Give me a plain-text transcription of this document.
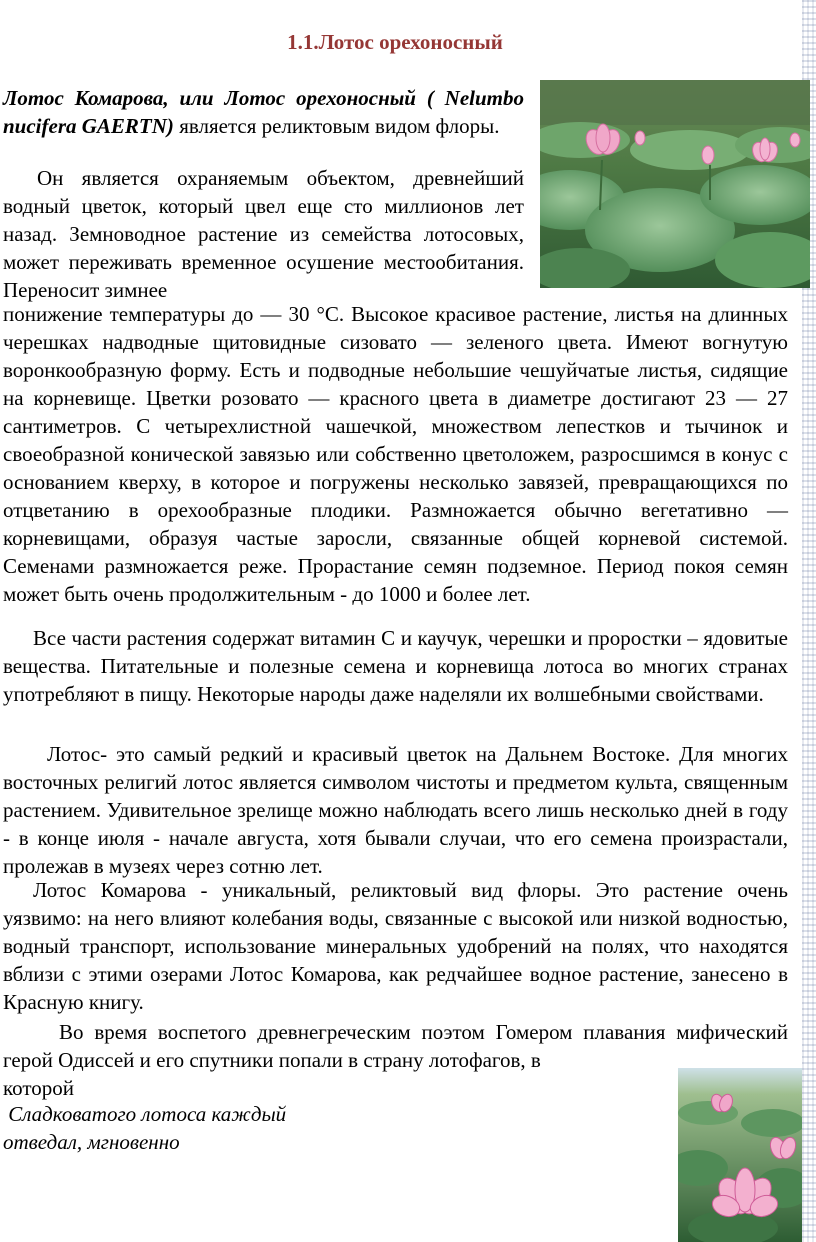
1.1.Лотос орехоносный

Лотос Комарова, или Лотос орехоносный ( Nelumbo nucifera GAERTN) является реликтовым видом флоры.

Он является охраняемым объектом, древнейший водный цветок, который цвел еще сто миллионов лет назад. Земноводное растение из семейства лотосовых, может переживать временное осушение местообитания. Переносит зимнее

понижение температуры до — 30 °С. Высокое красивое растение, листья на длинных черешках надводные щитовидные сизовато — зеленого цвета. Имеют вогнутую воронкообразную форму. Есть и подводные небольшие чешуйчатые листья, сидящие на корневище. Цветки розовато — красного цвета в диаметре достигают 23 — 27 сантиметров. С четырехлистной чашечкой, множеством лепестков и тычинок и своеобразной конической завязью или собственно цветоложем, разросшимся в конус с основанием кверху, в которое и погружены несколько завязей, превращающихся по отцветанию в орехообразные плодики. Размножается обычно вегетативно — корневищами, образуя частые заросли, связанные общей корневой системой. Семенами размножается реже. Прорастание семян подземное. Период покоя семян может быть очень продолжительным - до 1000 и более лет.

Все части растения содержат витамин С и каучук, черешки и проростки – ядовитые вещества. Питательные и полезные семена и корневища лотоса во многих странах употребляют в пищу. Некоторые народы даже наделяли их волшебными свойствами.

Лотос- это самый редкий и красивый цветок на Дальнем Востоке. Для многих восточных религий лотос является символом чистоты и предметом культа, священным растением. Удивительное зрелище можно наблюдать всего лишь несколько дней в году - в конце июля - начале августа, хотя бывали случаи, что его семена произрастали, пролежав в музеях через сотню лет.

Лотос Комарова - уникальный, реликтовый вид флоры. Это растение очень уязвимо: на него влияют колебания воды, связанные с высокой или низкой водностью, водный транспорт, использование минеральных удобрений на полях, что находятся вблизи с этими озерами Лотос Комарова, как редчайшее водное растение, занесено в Красную книгу.

Во время воспетого древнегреческим поэтом Гомером плавания мифический герой Одиссей и его спутники попали в страну лотофагов, в

которой

Сладковатого лотоса каждый
отведал, мгновенно
